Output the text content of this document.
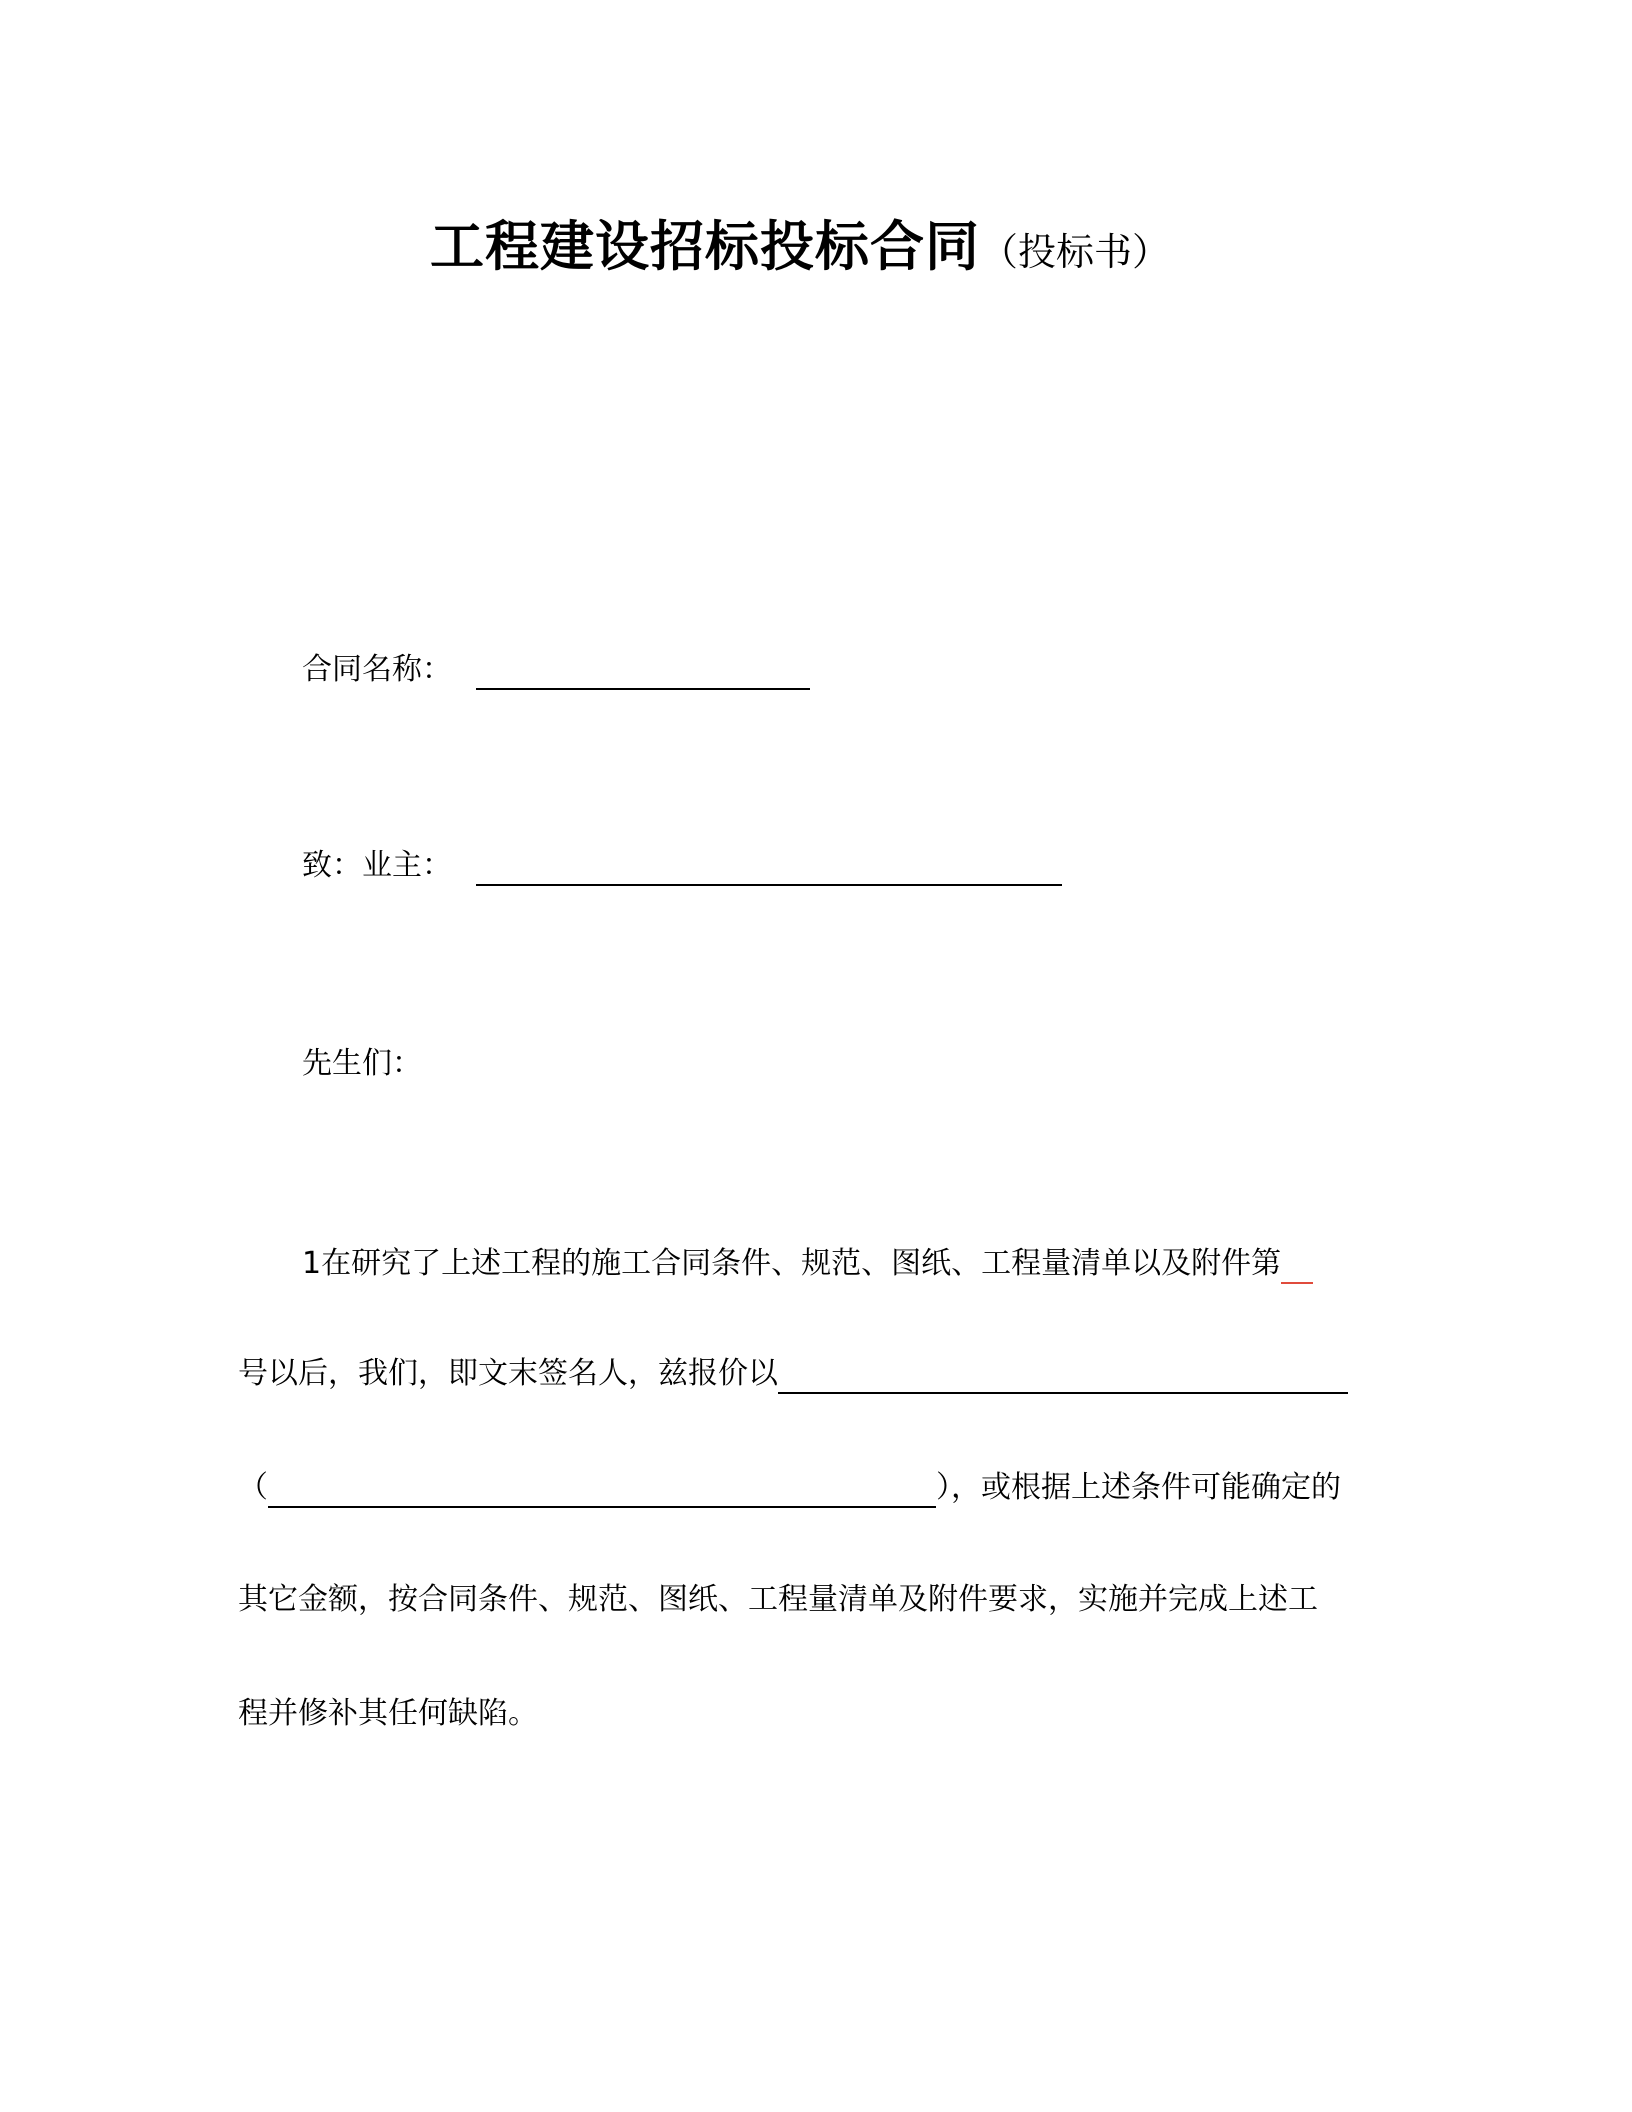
工程建设招标投标合同（投标书）
合同名称：
致：业主：
先生们：
1在研究了上述工程的施工合同条件、规范、图纸、工程量清单以及附件第
号以后，我们，即文末签名人，兹报价以
（	），或根据上述条件可能确定的
其它金额，按合同条件、规范、图纸、工程量清单及附件要求，实施并完成上述工
程并修补其任何缺陷。
